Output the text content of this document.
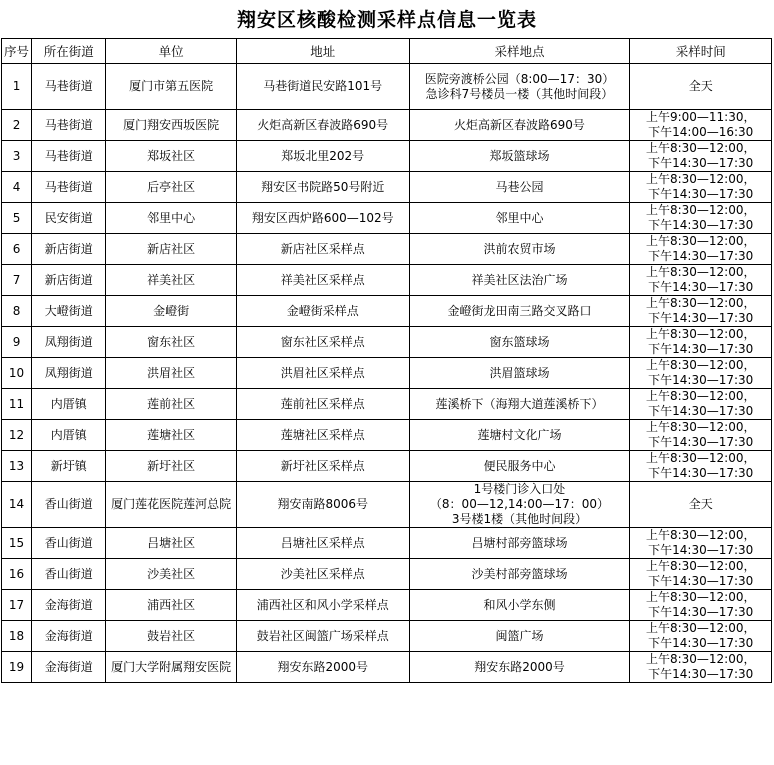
翔安区核酸检测采样点信息一览表
序号	所在街道	单位	地址	采样地点	采样时间
1	马巷街道	厦门市第五医院	马巷街道民安路101号	医院旁渡桥公园（8:00—17：30）
急诊科7号楼员一楼（其他时间段）	全天

2	马巷街道	厦门翔安西坂医院	火炬高新区春波路690号	火炬高新区春波路690号	上午9:00—11:30，
下午14:00—16:30

3	马巷街道	郑坂社区	郑坂北里202号	郑坂篮球场	上午8:30—12:00，
下午14:30—17:30

4	马巷街道	后亭社区	翔安区书院路50号附近	马巷公园	上午8:30—12:00，
下午14:30—17:30

5	民安街道	邻里中心	翔安区西炉路600—102号	邻里中心	上午8:30—12:00，
下午14:30—17:30

6	新店街道	新店社区	新店社区采样点	洪前农贸市场	上午8:30—12:00，
下午14:30—17:30

7	新店街道	祥美社区	祥美社区采样点	祥美社区法治广场	上午8:30—12:00，
下午14:30—17:30

8	大嶝街道	金嶝街	金嶝街采样点	金嶝街龙田南三路交叉路口	上午8:30—12:00，
下午14:30—17:30

9	凤翔街道	窗东社区	窗东社区采样点	窗东篮球场	上午8:30—12:00，
下午14:30—17:30

10	凤翔街道	洪眉社区	洪眉社区采样点	洪眉篮球场	上午8:30—12:00，
下午14:30—17:30

11	内厝镇	莲前社区	莲前社区采样点	莲溪桥下（海翔大道莲溪桥下）	上午8:30—12:00，
下午14:30—17:30

12	内厝镇	莲塘社区	莲塘社区采样点	莲塘村文化广场	上午8:30—12:00，
下午14:30—17:30

13	新圩镇	新圩社区	新圩社区采样点	便民服务中心	上午8:30—12:00，
下午14:30—17:30

14	香山街道	厦门莲花医院莲河总院	翔安南路8006号	1号楼门诊入口处
（8：00—12,14:00—17：00）
3号楼1楼（其他时间段）	全天

15	香山街道	吕塘社区	吕塘社区采样点	吕塘村部旁篮球场	上午8:30—12:00，
下午14:30—17:30

16	香山街道	沙美社区	沙美社区采样点	沙美村部旁篮球场	上午8:30—12:00，
下午14:30—17:30

17	金海街道	浦西社区	浦西社区和风小学采样点	和风小学东侧	上午8:30—12:00，
下午14:30—17:30

18	金海街道	鼓岩社区	鼓岩社区闽篮广场采样点	闽篮广场	上午8:30—12:00，
下午14:30—17:30

19	金海街道	厦门大学附属翔安医院	翔安东路2000号	翔安东路2000号	上午8:30—12:00，
下午14:30—17:30
